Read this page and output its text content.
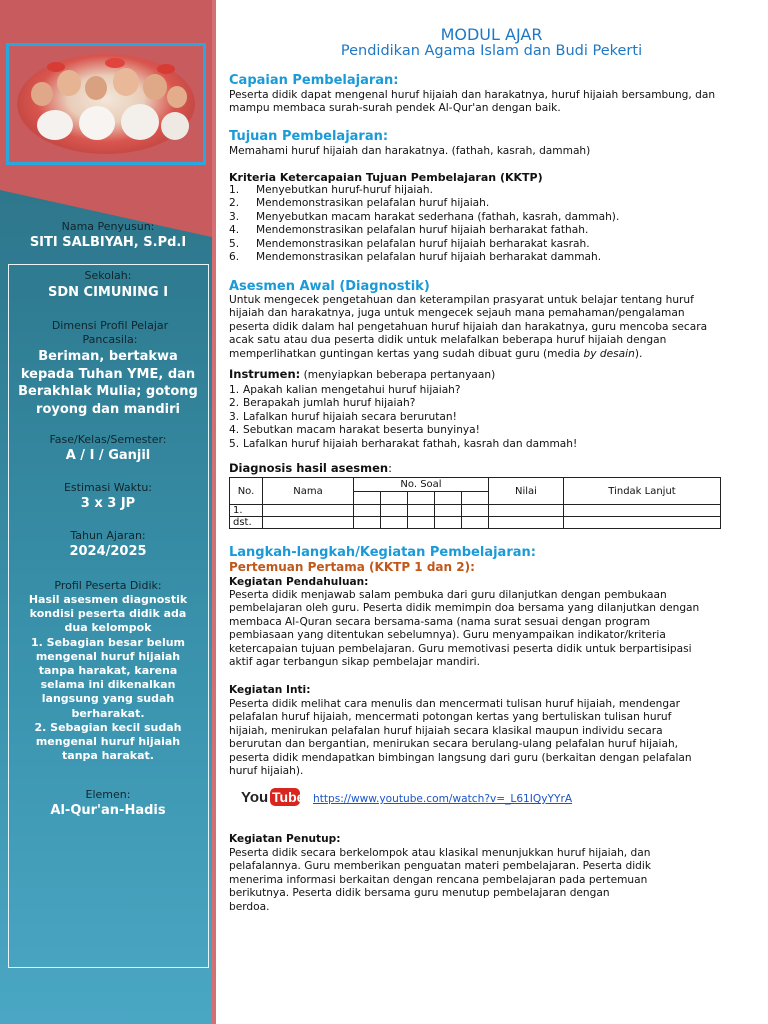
Nama Penyusun:
SITI SALBIYAH, S.Pd.I
Sekolah:
SDN CIMUNING I
Dimensi Profil Pelajar Pancasila:
Beriman, bertakwa
kepada Tuhan YME, dan
Berakhlak Mulia; gotong
royong dan mandiri
Fase/Kelas/Semester:
A / I / Ganjil
Estimasi Waktu:
3 x 3 JP
Tahun Ajaran:
2024/2025
Profil Peserta Didik:
Hasil asesmen diagnostik
kondisi peserta didik ada
dua kelompok
1. Sebagian besar belum
mengenal huruf hijaiah
tanpa harakat, karena
selama ini dikenalkan
langsung yang sudah
berharakat.
2. Sebagian kecil sudah
mengenal huruf hijaiah
tanpa harakat.
Elemen:
Al-Qur'an-Hadis
MODUL AJAR
Pendidikan Agama Islam dan Budi Pekerti
Capaian Pembelajaran:
Peserta didik dapat mengenal huruf hijaiah dan harakatnya, huruf hijaiah bersambung, dan
mampu membaca surah-surah pendek Al-Qur'an dengan baik.
Tujuan Pembelajaran:
Memahami huruf hijaiah dan harakatnya. (fathah, kasrah, dammah)
Kriteria Ketercapaian Tujuan Pembelajaran (KKTP)
1. Menyebutkan huruf-huruf hijaiah.
2. Mendemonstrasikan pelafalan huruf hijaiah.
3. Menyebutkan macam harakat sederhana (fathah, kasrah, dammah).
4. Mendemonstrasikan pelafalan huruf hijaiah berharakat fathah.
5. Mendemonstrasikan pelafalan huruf hijaiah berharakat kasrah.
6. Mendemonstrasikan pelafalan huruf hijaiah berharakat dammah.
Asesmen Awal (Diagnostik)
Untuk mengecek pengetahuan dan keterampilan prasyarat untuk belajar tentang huruf
hijaiah dan harakatnya, juga untuk mengecek sejauh mana pemahaman/pengalaman
peserta didik dalam hal pengetahuan huruf hijaiah dan harakatnya, guru mencoba secara
acak satu atau dua peserta didik untuk melafalkan beberapa huruf hijaiah dengan
memperlihatkan guntingan kertas yang sudah dibuat guru (media by desain).
Instrumen: (menyiapkan beberapa pertanyaan)
1. Apakah kalian mengetahui huruf hijaiah?
2. Berapakah jumlah huruf hijaiah?
3. Lafalkan huruf hijaiah secara berurutan!
4. Sebutkan macam harakat beserta bunyinya!
5. Lafalkan huruf hijaiah berharakat fathah, kasrah dan dammah!
Diagnosis hasil asesmen:
No.	Nama	No. Soal					Nilai	Tindak Lanjut

1.								
dst.								
Langkah-langkah/Kegiatan Pembelajaran:
Pertemuan Pertama (KKTP 1 dan 2):
Kegiatan Pendahuluan:
Peserta didik menjawab salam pembuka dari guru dilanjutkan dengan pembukaan
pembelajaran oleh guru. Peserta didik memimpin doa bersama yang dilanjutkan dengan
membaca Al-Quran secara bersama-sama (nama surat sesuai dengan program
pembiasaan yang ditentukan sebelumnya). Guru menyampaikan indikator/kriteria
ketercapaian tujuan pembelajaran. Guru memotivasi peserta didik untuk berpartisipasi
aktif agar terbangun sikap pembelajar mandiri.
Kegiatan Inti:
Peserta didik melihat cara menulis dan mencermati tulisan huruf hijaiah, mendengar
pelafalan huruf hijaiah, mencermati potongan kertas yang bertuliskan tulisan huruf
hijaiah, menirukan pelafalan huruf hijaiah secara klasikal maupun individu secara
berurutan dan bergantian, menirukan secara berulang-ulang pelafalan huruf hijaiah,
peserta didik mendapatkan bimbingan langsung dari guru (berkaitan dengan pelafalan
huruf hijaiah).
You Tube https://www.youtube.com/watch?v=_L61IQyYYrA
Kegiatan Penutup:
Peserta didik secara berkelompok atau klasikal menunjukkan huruf hijaiah, dan
pelafalannya. Guru memberikan penguatan materi pembelajaran. Peserta didik
menerima informasi berkaitan dengan rencana pembelajaran pada pertemuan
berikutnya. Peserta didik bersama guru menutup pembelajaran dengan
berdoa.
